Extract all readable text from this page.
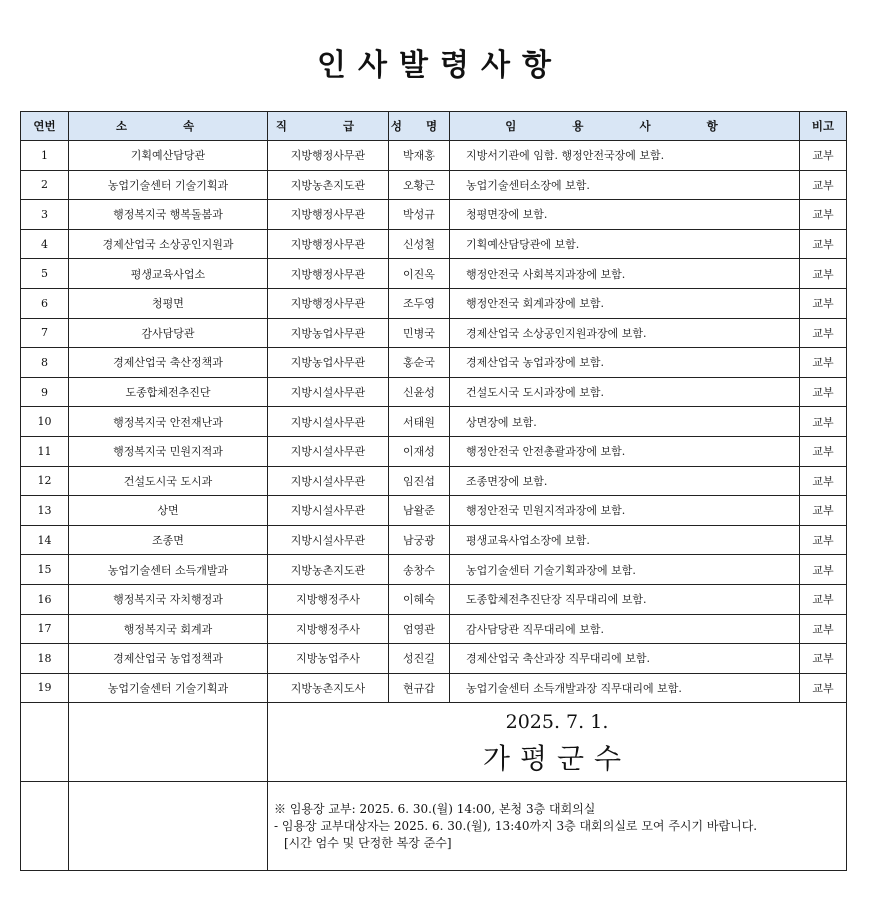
인사발령사항
연번	소 속	직 급	성 명	임 용 사 항	비고
1	기획예산담당관	지방행정사무관	박재홍	지방서기관에 임함. 행정안전국장에 보함.	교부
2	농업기술센터 기술기획과	지방농촌지도관	오황근	농업기술센터소장에 보함.	교부
3	행정복지국 행복돌봄과	지방행정사무관	박성규	청평면장에 보함.	교부
4	경제산업국 소상공인지원과	지방행정사무관	신성철	기획예산담당관에 보함.	교부
5	평생교육사업소	지방행정사무관	이진옥	행정안전국 사회복지과장에 보함.	교부
6	청평면	지방행정사무관	조두영	행정안전국 회계과장에 보함.	교부
7	감사담당관	지방농업사무관	민병국	경제산업국 소상공인지원과장에 보함.	교부
8	경제산업국 축산정책과	지방농업사무관	홍순국	경제산업국 농업과장에 보함.	교부
9	도종합체전추진단	지방시설사무관	신윤성	건설도시국 도시과장에 보함.	교부
10	행정복지국 안전재난과	지방시설사무관	서태원	상면장에 보함.	교부
11	행정복지국 민원지적과	지방시설사무관	이재성	행정안전국 안전총괄과장에 보함.	교부
12	건설도시국 도시과	지방시설사무관	임진섭	조종면장에 보함.	교부
13	상면	지방시설사무관	남왈준	행정안전국 민원지적과장에 보함.	교부
14	조종면	지방시설사무관	남궁광	평생교육사업소장에 보함.	교부
15	농업기술센터 소득개발과	지방농촌지도관	송창수	농업기술센터 기술기획과장에 보함.	교부
16	행정복지국 자치행정과	지방행정주사	이혜숙	도종합체전추진단장 직무대리에 보함.	교부
17	행정복지국 회계과	지방행정주사	엄영관	감사담당관 직무대리에 보함.	교부
18	경제산업국 농업정책과	지방농업주사	성진길	경제산업국 축산과장 직무대리에 보함.	교부
19	농업기술센터 기술기획과	지방농촌지도사	현규갑	농업기술센터 소득개발과장 직무대리에 보함.	교부

		2025. 7. 1.
가평군수			

		※ 임용장 교부: 2025. 6. 30.(월) 14:00, 본청 3층 대회의실
- 임용장 교부대상자는 2025. 6. 30.(월), 13:40까지 3층 대회의실로 모여 주시기 바랍니다.
[시간 엄수 및 단정한 복장 준수]			
